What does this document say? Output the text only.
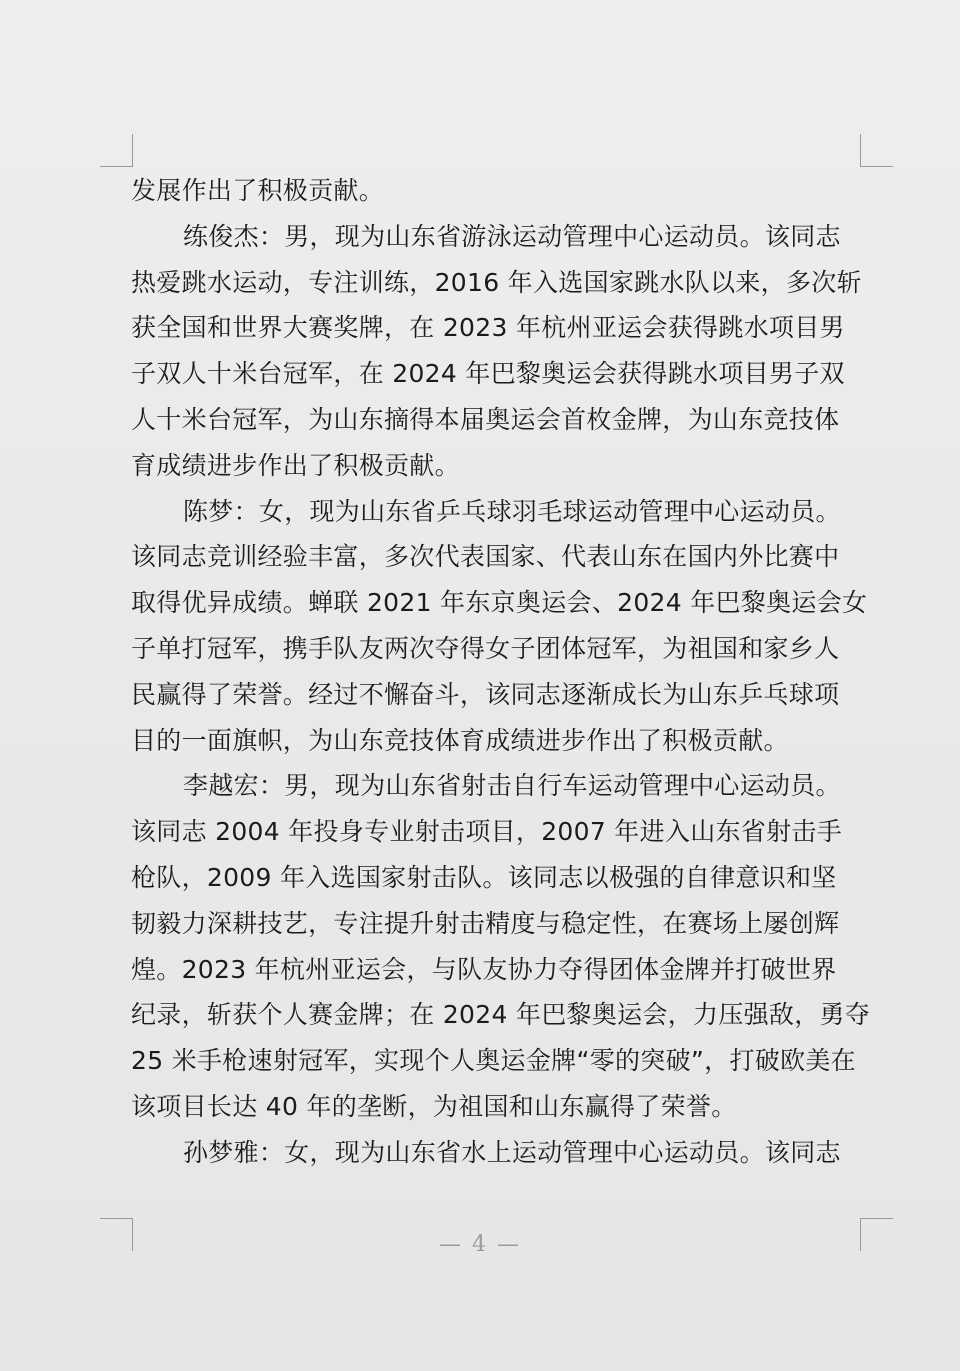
发展作出了积极贡献。
练俊杰：男，现为山东省游泳运动管理中心运动员。该同志
热爱跳水运动，专注训练，2016 年入选国家跳水队以来，多次斩
获全国和世界大赛奖牌，在 2023 年杭州亚运会获得跳水项目男
子双人十米台冠军，在 2024 年巴黎奥运会获得跳水项目男子双
人十米台冠军，为山东摘得本届奥运会首枚金牌，为山东竞技体
育成绩进步作出了积极贡献。
陈梦：女，现为山东省乒乓球羽毛球运动管理中心运动员。
该同志竞训经验丰富，多次代表国家、代表山东在国内外比赛中
取得优异成绩。蝉联 2021 年东京奥运会、2024 年巴黎奥运会女
子单打冠军，携手队友两次夺得女子团体冠军，为祖国和家乡人
民赢得了荣誉。经过不懈奋斗，该同志逐渐成长为山东乒乓球项
目的一面旗帜，为山东竞技体育成绩进步作出了积极贡献。
李越宏：男，现为山东省射击自行车运动管理中心运动员。
该同志 2004 年投身专业射击项目，2007 年进入山东省射击手
枪队，2009 年入选国家射击队。该同志以极强的自律意识和坚
韧毅力深耕技艺，专注提升射击精度与稳定性，在赛场上屡创辉
煌。2023 年杭州亚运会，与队友协力夺得团体金牌并打破世界
纪录，斩获个人赛金牌；在 2024 年巴黎奥运会，力压强敌，勇夺
25 米手枪速射冠军，实现个人奥运金牌“零的突破”，打破欧美在
该项目长达 40 年的垄断，为祖国和山东赢得了荣誉。
孙梦雅：女，现为山东省水上运动管理中心运动员。该同志
— 4 —
